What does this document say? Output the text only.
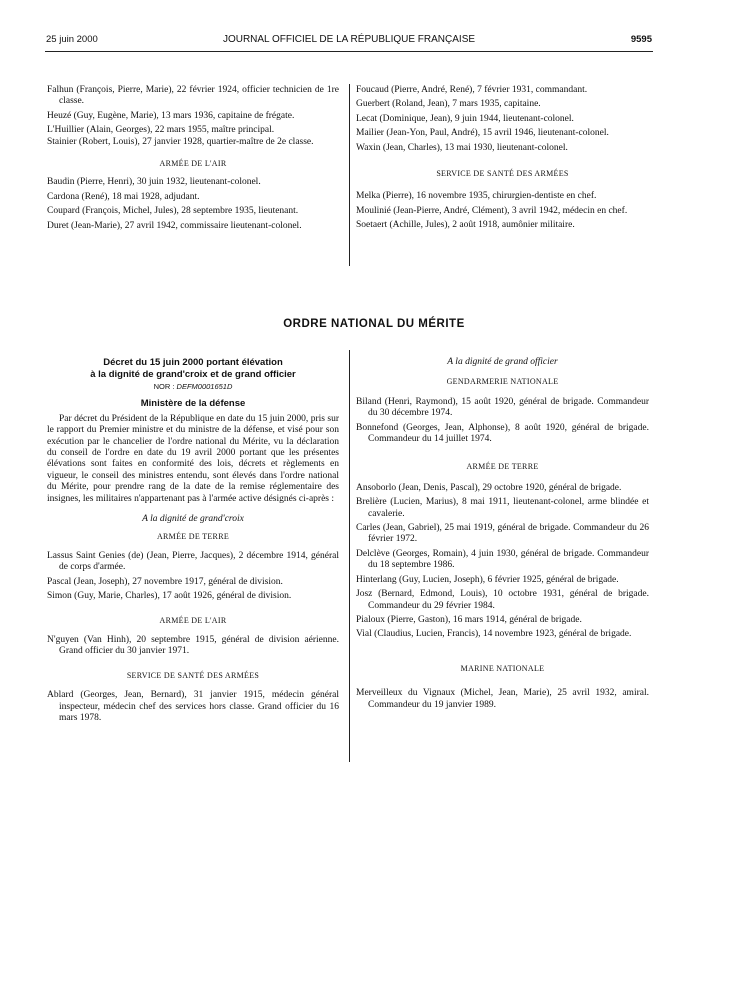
25 juin 2000	JOURNAL OFFICIEL DE LA RÉPUBLIQUE FRANÇAISE	9595

Falhun (François, Pierre, Marie), 22 février 1924, officier technicien de 1re classe.

Heuzé (Guy, Eugène, Marie), 13 mars 1936, capitaine de frégate.

L'Huillier (Alain, Georges), 22 mars 1955, maître principal.

Stainier (Robert, Louis), 27 janvier 1928, quartier-maître de 2e classe.

ARMÉE DE L'AIR

Baudin (Pierre, Henri), 30 juin 1932, lieutenant-colonel.

Cardona (René), 18 mai 1928, adjudant.

Coupard (François, Michel, Jules), 28 septembre 1935, lieutenant.

Duret (Jean-Marie), 27 avril 1942, commissaire lieutenant-colonel.

Foucaud (Pierre, André, René), 7 février 1931, commandant.

Guerbert (Roland, Jean), 7 mars 1935, capitaine.

Lecat (Dominique, Jean), 9 juin 1944, lieutenant-colonel.

Mailier (Jean-Yon, Paul, André), 15 avril 1946, lieutenant-colonel.

Waxin (Jean, Charles), 13 mai 1930, lieutenant-colonel.

SERVICE DE SANTÉ DES ARMÉES

Melka (Pierre), 16 novembre 1935, chirurgien-dentiste en chef.

Moulinié (Jean-Pierre, André, Clément), 3 avril 1942, médecin en chef.

Soetaert (Achille, Jules), 2 août 1918, aumônier militaire.

ORDRE NATIONAL DU MÉRITE

Décret du 15 juin 2000 portant élévation

à la dignité de grand'croix et de grand officier

NOR : DEFM0001651D

Ministère de la défense

Par décret du Président de la République en date du 15 juin 2000, pris sur le rapport du Premier ministre et du ministre de la défense, et visé pour son exécution par le chancelier de l'ordre national du Mérite, vu la déclaration du conseil de l'ordre en date du 19 avril 2000 portant que les présentes élévations sont faites en conformité des lois, décrets et règlements en vigueur, le conseil des ministres entendu, sont élevés dans l'ordre national du Mérite, pour prendre rang de la date de la remise réglementaire des insignes, les militaires n'appartenant pas à l'armée active désignés ci-après :

A la dignité de grand'croix

ARMÉE DE TERRE

Lassus Saint Genies (de) (Jean, Pierre, Jacques), 2 décembre 1914, général de corps d'armée.

Pascal (Jean, Joseph), 27 novembre 1917, général de division.

Simon (Guy, Marie, Charles), 17 août 1926, général de division.

ARMÉE DE L'AIR

N'guyen (Van Hinh), 20 septembre 1915, général de division aérienne. Grand officier du 30 janvier 1971.

SERVICE DE SANTÉ DES ARMÉES

Ablard (Georges, Jean, Bernard), 31 janvier 1915, médecin général inspecteur, médecin chef des services hors classe. Grand officier du 16 mars 1978.

A la dignité de grand officier

GENDARMERIE NATIONALE

Biland (Henri, Raymond), 15 août 1920, général de brigade. Commandeur du 30 décembre 1974.

Bonnefond (Georges, Jean, Alphonse), 8 août 1920, général de brigade. Commandeur du 14 juillet 1974.

ARMÉE DE TERRE

Ansoborlo (Jean, Denis, Pascal), 29 octobre 1920, général de brigade.

Brelière (Lucien, Marius), 8 mai 1911, lieutenant-colonel, arme blindée et cavalerie.

Carles (Jean, Gabriel), 25 mai 1919, général de brigade. Commandeur du 26 février 1972.

Delclève (Georges, Romain), 4 juin 1930, général de brigade. Commandeur du 18 septembre 1986.

Hinterlang (Guy, Lucien, Joseph), 6 février 1925, général de brigade.

Josz (Bernard, Edmond, Louis), 10 octobre 1931, général de brigade. Commandeur du 29 février 1984.

Pialoux (Pierre, Gaston), 16 mars 1914, général de brigade.

Vial (Claudius, Lucien, Francis), 14 novembre 1923, général de brigade.

MARINE NATIONALE

Merveilleux du Vignaux (Michel, Jean, Marie), 25 avril 1932, amiral. Commandeur du 19 janvier 1989.
